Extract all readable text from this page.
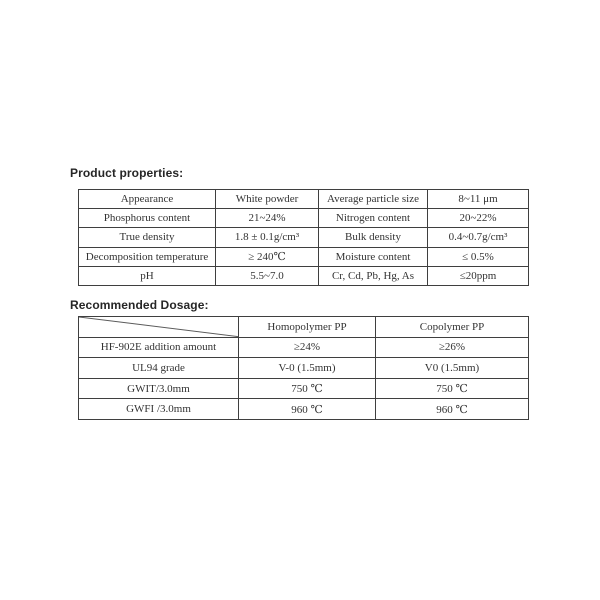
Product properties:
Appearance	White powder	Average particle size	8~11 μm
Phosphorus content	21~24%	Nitrogen content	20~22%
True density	1.8 ± 0.1g/cm³	Bulk density	0.4~0.7g/cm³
Decomposition temperature	≥ 240℃	Moisture content	≤ 0.5%
pH	5.5~7.0	Cr, Cd, Pb, Hg, As	≤20ppm
Recommended Dosage:
	Homopolymer PP	Copolymer PP
HF-902E addition amount	≥24%	≥26%
UL94 grade	V-0 (1.5mm)	V0 (1.5mm)
GWIT/3.0mm	750 ℃	750 ℃
GWFI /3.0mm	960 ℃	960 ℃
